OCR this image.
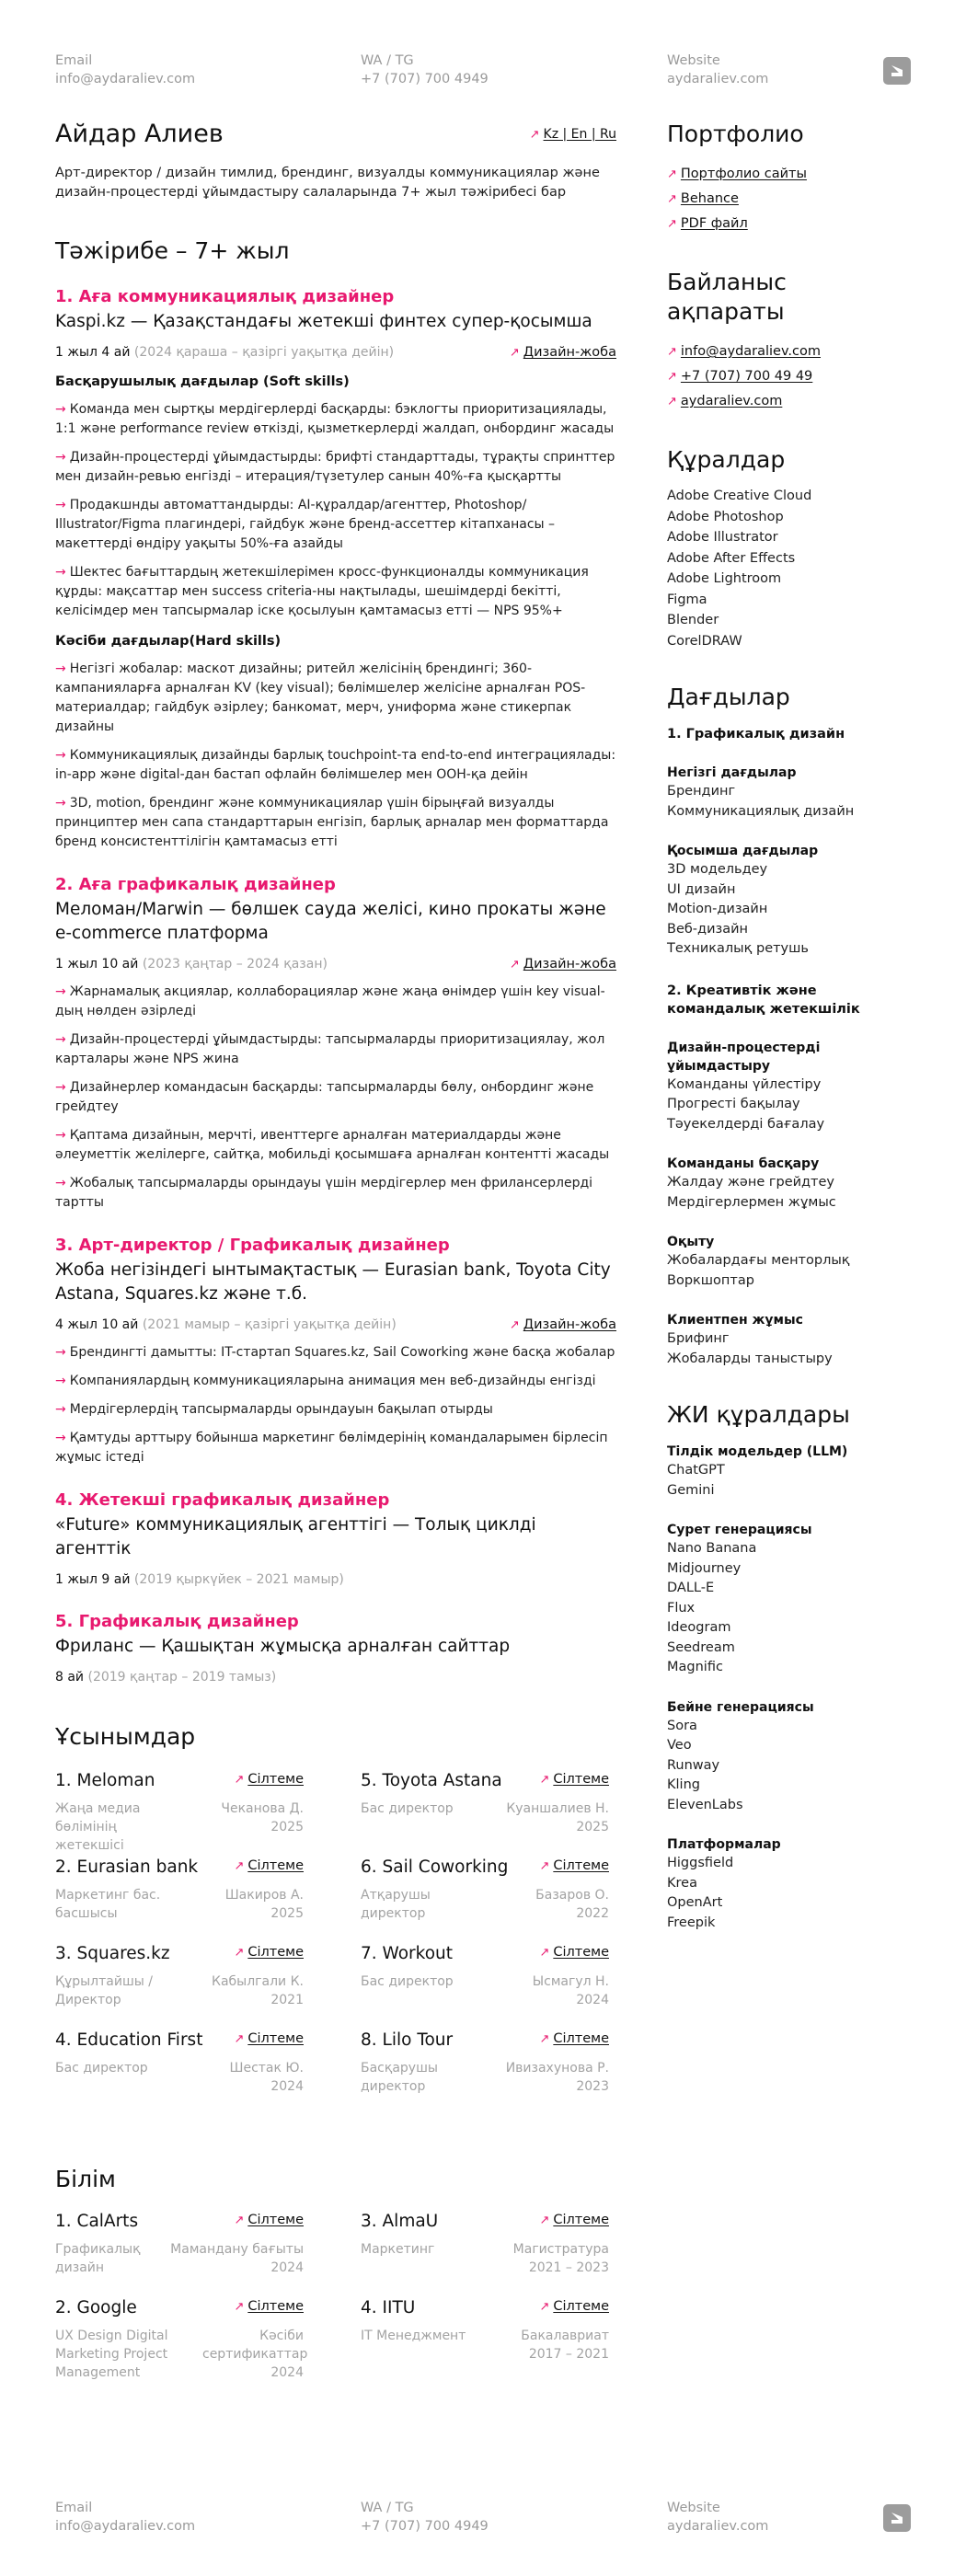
Email
info@aydaraliev.com
WA / TG
+7 (707) 700 4949
Website
aydaraliev.com
Айдар Алиев	↗ Kz | En | Ru
Арт-директор / дизайн тимлид, брендинг, визуалды коммуникациялар және дизайн-процестерді ұйымдастыру салаларында 7+ жыл тәжірибесі бар
Тәжірибе – 7+ жыл
1. Аға коммуникациялық дизайнер
Kaspi.kz — Қазақстандағы жетекші финтех супер-қосымша
1 жыл 4 ай (2024 қараша – қазіргі уақытқа дейін)	↗ Дизайн-жоба
Басқарушылық дағдылар (Soft skills)
→ Команда мен сыртқы мердігерлерді басқарды: бэклогты приоритизациялады, 1:1 және performance review өткізді, қызметкерлерді жалдап, онбординг жасады
→ Дизайн-процестерді ұйымдастырды: брифті стандарттады, тұрақты спринттер мен дизайн-ревью енгізді – итерация/түзетулер санын 40%-ға қысқартты
→ Продакшнды автоматтандырды: AI-құралдар/агенттер, Photoshop/ Illustrator/Figma плагиндері, гайдбук және бренд-ассеттер кітапханасы – макеттерді өндіру уақыты 50%-ға азайды
→ Шектес бағыттардың жетекшілерімен кросс-функционалды коммуникация құрды: мақсаттар мен success criteria-ны нақтылады, шешімдерді бекітті, келісімдер мен тапсырмалар іске қосылуын қамтамасыз етті — NPS 95%+
Кәсіби дағдылар(Hard skills)
→ Негізгі жобалар: маскот дизайны; ритейл желісінің брендингі; 360-кампанияларға арналған KV (key visual); бөлімшелер желісіне арналған POS-материалдар; гайдбук әзірлеу; банкомат, мерч, униформа және стикерпак дизайны
→ Коммуникациялық дизайнды барлық touchpoint-та end-to-end интеграциялады: in-app және digital-дан бастап офлайн бөлімшелер мен OOH-қа дейін
→ 3D, motion, брендинг және коммуникациялар үшін бірыңғай визуалды принциптер мен сапа стандарттарын енгізіп, барлық арналар мен форматтарда бренд консистенттілігін қамтамасыз етті
2. Аға графикалық дизайнер
Меломан/Marwin — бөлшек сауда желісі, кино прокаты және e-commerce платформа
1 жыл 10 ай (2023 қаңтар – 2024 қазан)	↗ Дизайн-жоба
→ Жарнамалық акциялар, коллаборациялар және жаңа өнімдер үшін key visual-дың нөлден әзірледі
→ Дизайн-процестерді ұйымдастырды: тапсырмаларды приоритизациялау, жол карталары және NPS жина
→ Дизайнерлер командасын басқарды: тапсырмаларды бөлу, онбординг және грейдтеу
→ Қаптама дизайнын, мерчті, ивенттерге арналған материалдарды және әлеуметтік желілерге, сайтқа, мобильді қосымшаға арналған контентті жасады
→ Жобалық тапсырмаларды орындауы үшін мердігерлер мен фрилансерлерді тартты
3. Арт-директор / Графикалық дизайнер
Жоба негізіндегі ынтымақтастық — Eurasian bank, Toyota City Astana, Squares.kz және т.б.
4 жыл 10 ай (2021 мамыр – қазіргі уақытқа дейін)	↗ Дизайн-жоба
→ Брендингті дамытты: IT-стартап Squares.kz, Sail Coworking және басқа жобалар
→ Компаниялардың коммуникацияларына анимация мен веб-дизайнды енгізді
→ Мердігерлердің тапсырмаларды орындауын бақылап отырды
→ Қамтуды арттыру бойынша маркетинг бөлімдерінің командаларымен бірлесіп жұмыс істеді
4. Жетекші графикалық дизайнер
«Future» коммуникациялық агенттігі — Толық циклді агенттік
1 жыл 9 ай (2019 қыркүйек – 2021 мамыр)
5. Графикалық дизайнер
Фриланс — Қашықтан жұмысқа арналған сайттар
8 ай (2019 қаңтар – 2019 тамыз)
Ұсынымдар
1. Meloman	↗ Сілтеме
Жаңа медиа бөлімінің жетекшісі
Чеканова Д.
2025
5. Toyota Astana	↗ Сілтеме
Бас директор	Куаншалиев Н.
2025
2. Eurasian bank	↗ Сілтеме
Маркетинг бас. басшысы
Шакиров А.
2025
6. Sail Coworking	↗ Сілтеме
Атқарушы директор
Базаров О.
2022
3. Squares.kz	↗ Сілтеме
Құрылтайшы / Директор
Кабылгали К.
2021
7. Workout	↗ Сілтеме
Бас директор	Ысмагул Н.
2024
4. Education First	↗ Сілтеме
Бас директор	Шестак Ю.
2024
8. Lilo Tour	↗ Сілтеме
Басқарушы директор
Ивизахунова Р.
2023
Білім
1. CalArts	↗ Сілтеме
Графикалық дизайн
Мамандану бағыты
2024
3. AlmaU	↗ Сілтеме
Маркетинг	Магистратура
2021 – 2023
2. Google	↗ Сілтеме
UX Design Digital Marketing Project Management
Кәсіби сертификаттар
2024
4. IITU	↗ Сілтеме
IT Менеджмент	Бакалавриат
2017 – 2021
Портфолио
↗ Портфолио сайты
↗ Behance
↗ PDF файл
Байланыс ақпараты
↗ info@aydaraliev.com
↗ +7 (707) 700 49 49
↗ aydaraliev.com
Құралдар
Adobe Creative Cloud
Adobe Photoshop
Adobe Illustrator
Adobe After Effects
Adobe Lightroom
Figma
Blender
CorelDRAW
Дағдылар
1. Графикалық дизайн
Негізгі дағдылар
Брендинг
Коммуникациялық дизайн
Қосымша дағдылар
3D модельдеу
UI дизайн
Motion-дизайн
Веб-дизайн
Техникалық ретушь
2. Креативтік және командалық жетекшілік
Дизайн-процестерді ұйымдастыру
Команданы үйлестіру
Прогресті бақылау
Тәуекелдерді бағалау
Команданы басқару
Жалдау және грейдтеу
Мердігерлермен жұмыс
Оқыту
Жобалардағы менторлық
Воркшоптар
Клиентпен жұмыс
Брифинг
Жобаларды таныстыру
ЖИ құралдары
Тілдік модельдер (LLM)
ChatGPT
Gemini
Сурет генерациясы
Nano Banana
Midjourney
DALL-E
Flux
Ideogram
Seedream
Magnific
Бейне генерациясы
Sora
Veo
Runway
Kling
ElevenLabs
Платформалар
Higgsfield
Krea
OpenArt
Freepik
Email
info@aydaraliev.com
WA / TG
+7 (707) 700 4949
Website
aydaraliev.com
